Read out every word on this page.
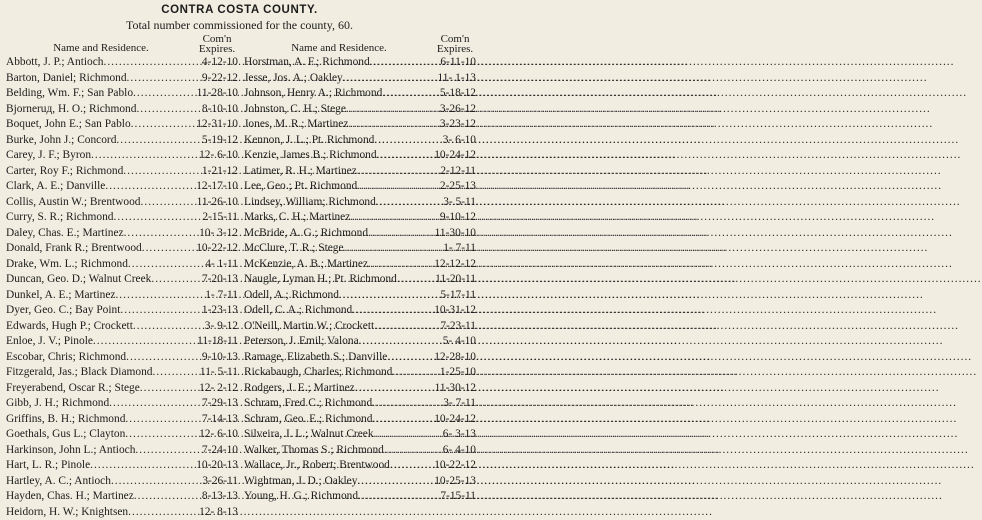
CONTRA COSTA COUNTY.
Total number commissioned for the county, 60.
Name and Residence.
Com'n
Expires.
Abbott, J. P.; Antioch .....	4-12-10
Barton, Daniel; Richmond .....	9-22-12
Belding, Wm. F.; San Pablo .....	11-28-10
Bjorneruд, H. O.; Richmond .....	8-10-10
Boquet, John E.; San Pablo .....	12-31-10
Burke, John J.; Concord .....	5-19-12
Carey, J. F.; Byron .....	12- 6-10
Carter, Roy F.; Richmond .....	1-21-12
Clark, A. E.; Danville .....	12-17-10
Collis, Austin W.; Brentwood .....	11-26-10
Curry, S. R.; Richmond .....	2-15-11
Daley, Chas. E.; Martinez .....	10- 3-12
Donald, Frank R.; Brentwood .....	10-22-12
Drake, Wm. L.; Richmond .....	4- 1-11
Duncan, Geo. D.; Walnut Creek .....	7-20-13
Dunkel, A. E.; Martinez .....	1- 7-11
Dyer, Geo. C.; Bay Point .....	1-23-13
Edwards, Hugh P.; Crockett .....	3- 9-12
Enloe, J. V.; Pinole .....	11-18-11
Escobar, Chris; Richmond .....	9-10-13
Fitzgerald, Jas.; Black Diamond .....	11- 5-11
Freyerabend, Oscar R.; Stege .....	12- 2-12
Gibb, J. H.; Richmond .....	7-29-13
Griffins, B. H.; Richmond .....	7-14-13
Goethals, Gus L.; Clayton .....	12- 6-10
Harkinson, John L.; Antioch .....	7-24-10
Hart, L. R.; Pinole .....	10-20-13
Hartley, A. C.; Antioch .....	3-26-11
Hayden, Chas. H.; Martinez .....	8-13-13
Heidorn, H. W.; Knightsen .....	12- 8-13
Name and Residence.
Com'n
Expires.
Horstman, A. F.; Richmond .....	6-11-10
Jesse, Jos. A.; Oakley .....	11- 1-13
Johnson, Henry A.; Richmond .....	5-18-12
Johnston, C. H.; Stege .....	3-26-12
Jones, M. R.; Martinez .....	3-23-12
Kennon, J. L.; Pt. Richmond .....	3- 6-10
Kenzie, James B.; Richmond .....	10-24-12
Latimer, R. H.; Martinez .....	2-12-11
Lee, Geo.; Pt. Richmond .....	2-25-13
Lindsey, William; Richmond .....	3- 5-11
Marks, C. H.; Martinez .....	9-10-12
McBride, A. G.; Richmond .....	11-30-10
McClure, T. R.; Stege .....	1- 7-11
McKenzie, A. B.; Martinez .....	12-12-12
Naugle, Lyman H.; Pt. Richmond .....	11-20-11
Odell, A.; Richmond .....	5-17-11
Odell, C. A.; Richmond .....	10-31-12
O'Neill, Martin W.; Crockett .....	7-23-11
Peterson, J. Emil; Valona .....	5- 4-10
Ramage, Elizabeth S.; Danville .....	12-28-10
Rickabaugh, Charles; Richmond .....	1-25-10
Rodgers, J. E.; Martinez .....	11-30-12
Schram, Fred C.; Richmond .....	3- 7-11
Schram, Geo. E.; Richmond .....	10-24-12
Silveira, J. L.; Walnut Creek .....	6- 3-13
Walker, Thomas S.; Richmond .....	6- 4-10
Wallace, Jr., Robert; Brentwood .....	10-22-12
Wightman, J. D.; Oakley .....	10-25-13
Young, H. G.; Richmond .....	7-15-11
